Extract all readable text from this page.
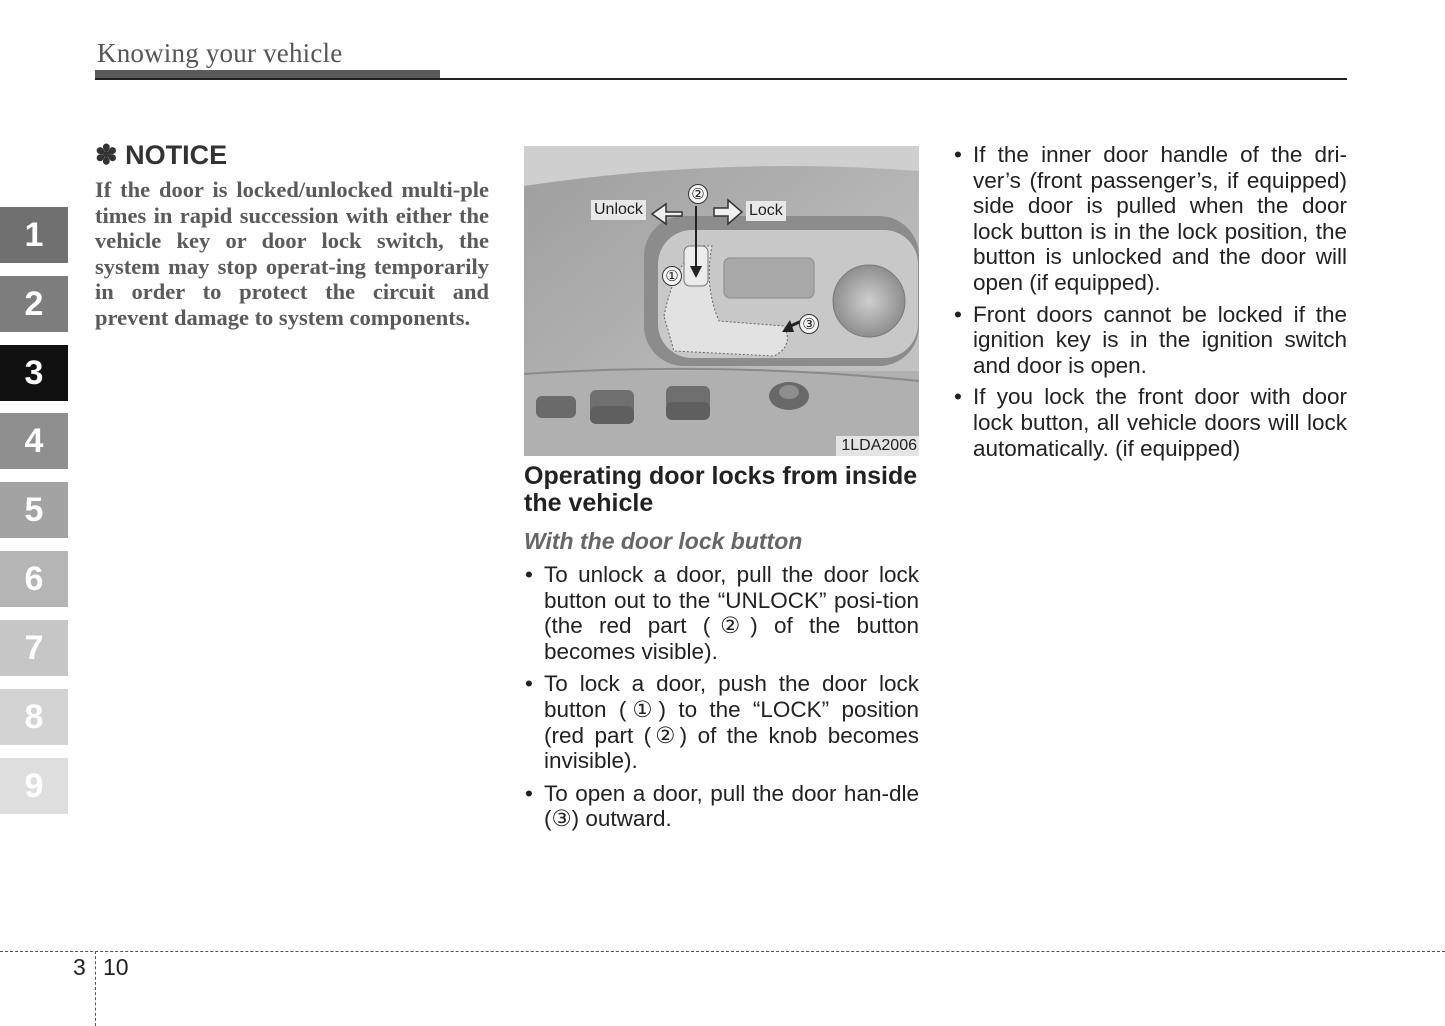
Knowing your vehicle
1
2
3
4
5
6
7
8
9

✽ NOTICE

If the door is locked/unlocked multi-ple times in rapid succession with either the vehicle key or door lock switch, the system may stop operat-ing temporarily in order to protect the circuit and prevent damage to system components.

Unlock	Lock
①
②
③
1LDA2006
Operating door locks from inside the vehicle
With the door lock button
• To unlock a door, pull the door lock button out to the “UNLOCK” posi-tion (the red part (②) of the button becomes visible).
• To lock a door, push the door lock button (①) to the “LOCK” position (red part (②) of the knob becomes invisible).
• To open a door, pull the door han-dle (③) outward.
• If the inner door handle of the dri-ver’s (front passenger’s, if equipped) side door is pulled when the door lock button is in the lock position, the button is unlocked and the door will open (if equipped).
• Front doors cannot be locked if the ignition key is in the ignition switch and door is open.
• If you lock the front door with door lock button, all vehicle doors will lock automatically. (if equipped)
3 10
